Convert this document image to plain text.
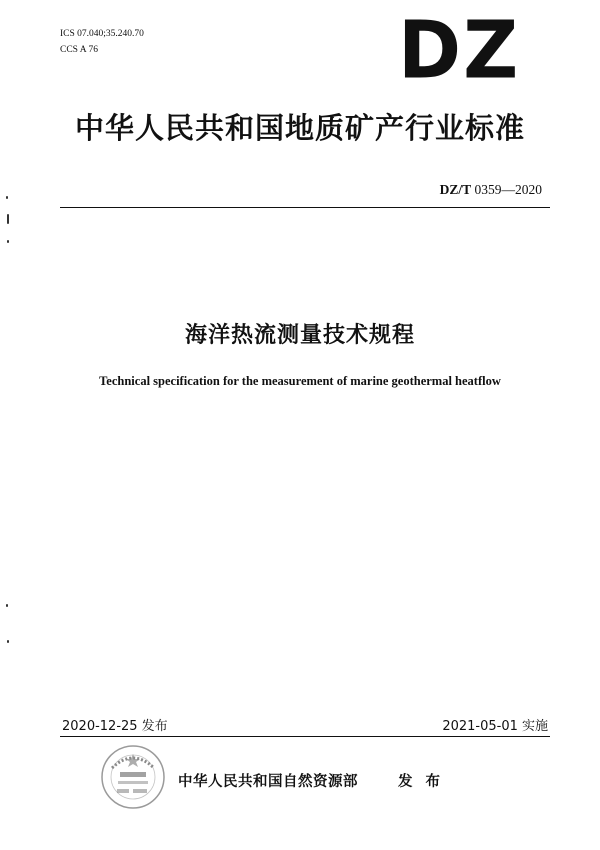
ICS 07.040;35.240.70
CCS A 76	DZ
中华人民共和国地质矿产行业标准
DZ/T 0359—2020
海洋热流测量技术规程
Technical specification for the measurement of marine geothermal heatflow
2020-12-25 发布	2021-05-01 实施
中华人民共和国自然资源部	发 布
